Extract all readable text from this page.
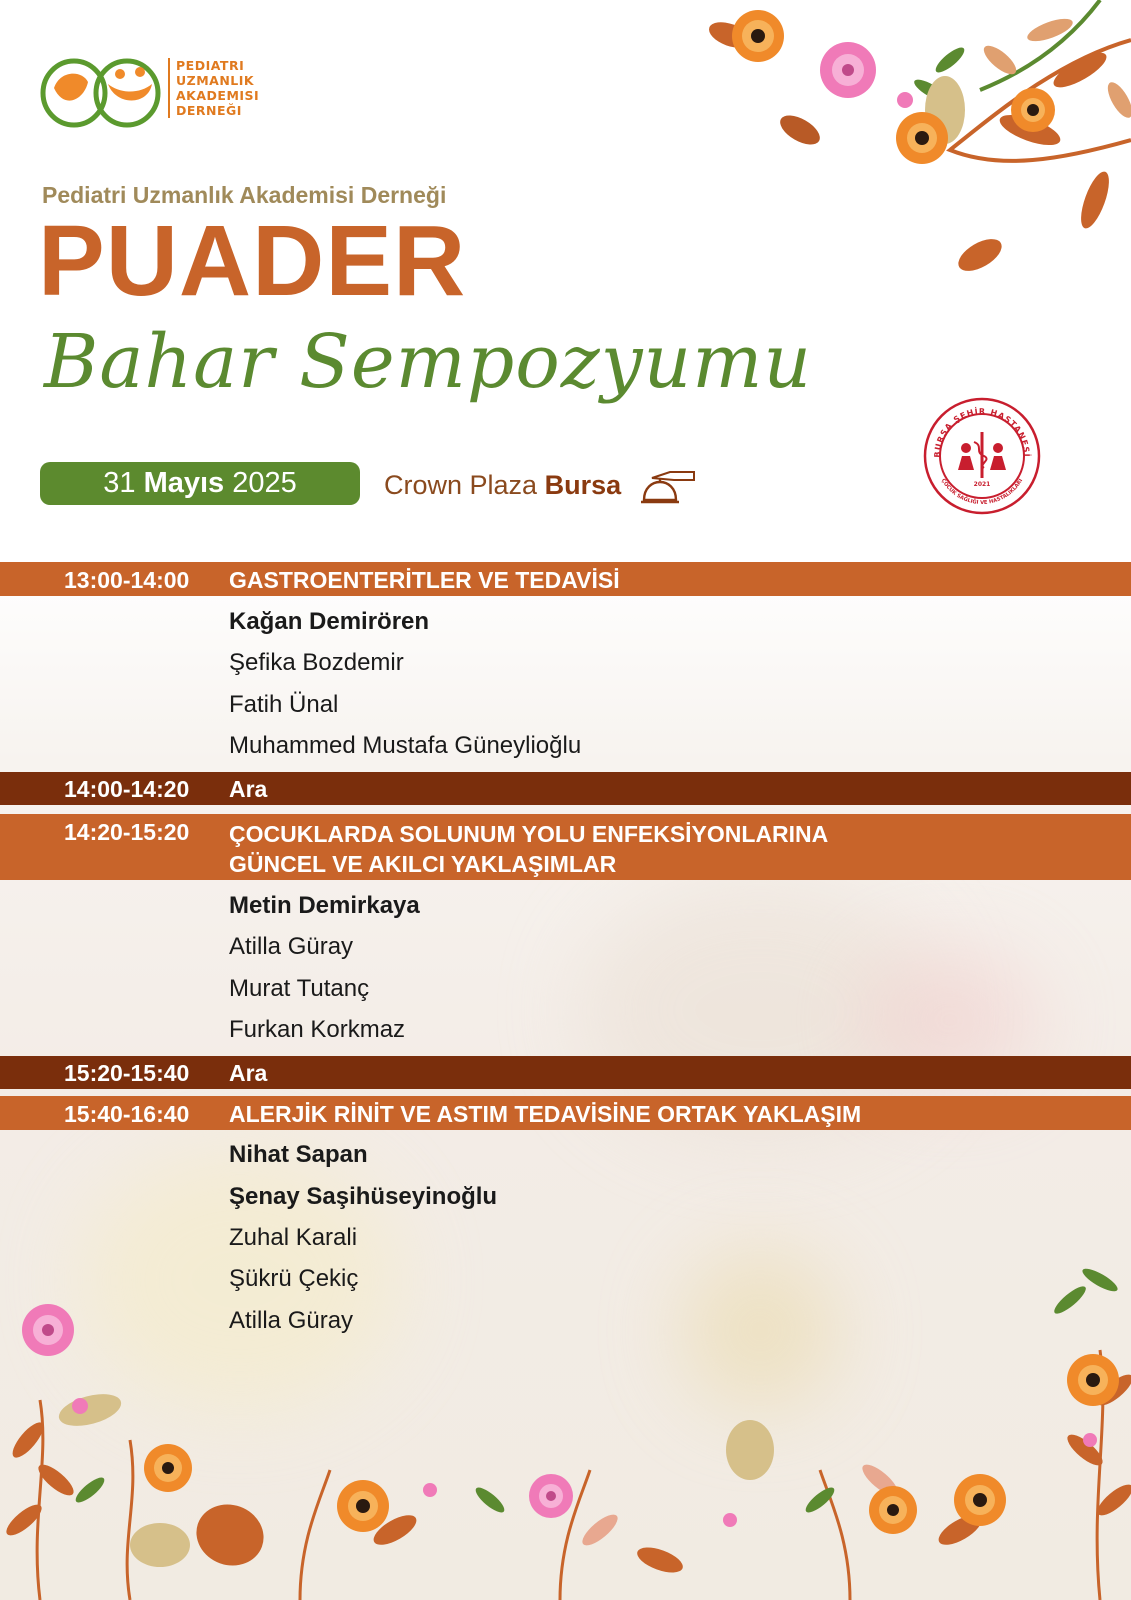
PEDIATRI
UZMANLIK
AKADEMISI
DERNEĞI
Pediatri Uzmanlık Akademisi Derneği
PUADER
Bahar Sempozyumu
31 Mayıs 2025	Crown Plaza Bursa
BURSA ŞEHİR HASTANESİ
ÇOCUK SAĞLIĞI VE HASTALIKLARI
2021
13:00-14:00 GASTROENTERİTLER VE TEDAVİSİ
Kağan Demirören
Şefika Bozdemir
Fatih Ünal
Muhammed Mustafa Güneylioğlu
14:00-14:20 Ara
14:20-15:20 ÇOCUKLARDA SOLUNUM YOLU ENFEKSİYONLARINA
GÜNCEL VE AKILCI YAKLAŞIMLAR
Metin Demirkaya
Atilla Güray
Murat Tutanç
Furkan Korkmaz
15:20-15:40 Ara
15:40-16:40 ALERJİK RİNİT VE ASTIM TEDAVİSİNE ORTAK YAKLAŞIM
Nihat Sapan
Şenay Saşihüseyinoğlu
Zuhal Karali
Şükrü Çekiç
Atilla Güray
